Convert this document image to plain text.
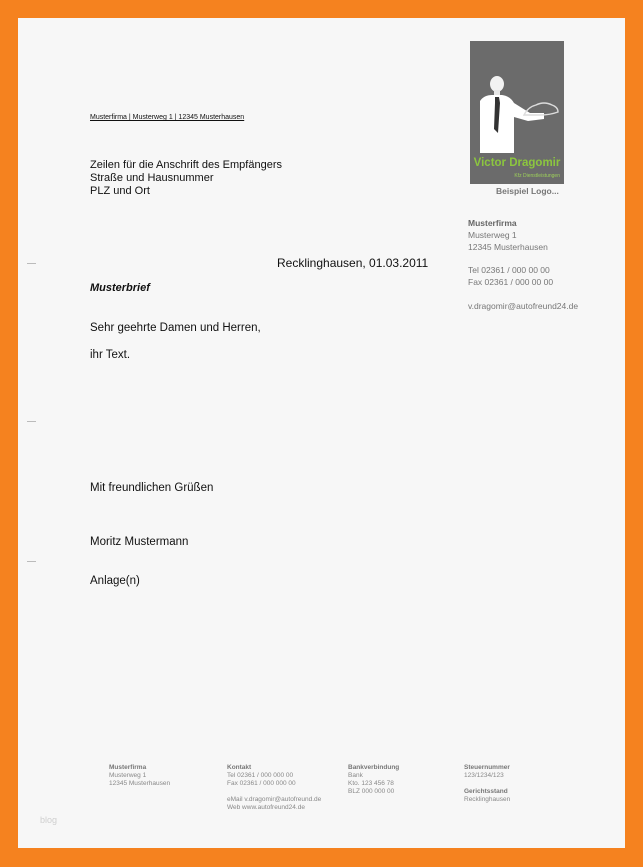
Musterfirma | Musterweg 1 | 12345 Musterhausen
Zeilen für die Anschrift des Empfängers
Straße und Hausnummer
PLZ und Ort
Recklinghausen, 01.03.2011
Musterbrief
Sehr geehrte Damen und Herren,
ihr Text.
Mit freundlichen Grüßen
Moritz Mustermann
Anlage(n)
Victor Dragomir
Kfz Dienstleistungen
Beispiel Logo...
Musterfirma
Musterweg 1
12345 Musterhausen
Tel 02361 / 000 00 00
Fax 02361 / 000 00 00
v.dragomir@autofreund24.de
Musterfirma
Musterweg 1
12345 Musterhausen
Kontakt
Tel 02361 / 000 000 00
Fax 02361 / 000 000 00

eMail v.dragomir@autofreund.de
Web www.autofreund24.de
Bankverbindung
Bank
Kto. 123 456 78
BLZ 000 000 00
Steuernummer
123/1234/123

Gerichtsstand
Recklinghausen
blog
